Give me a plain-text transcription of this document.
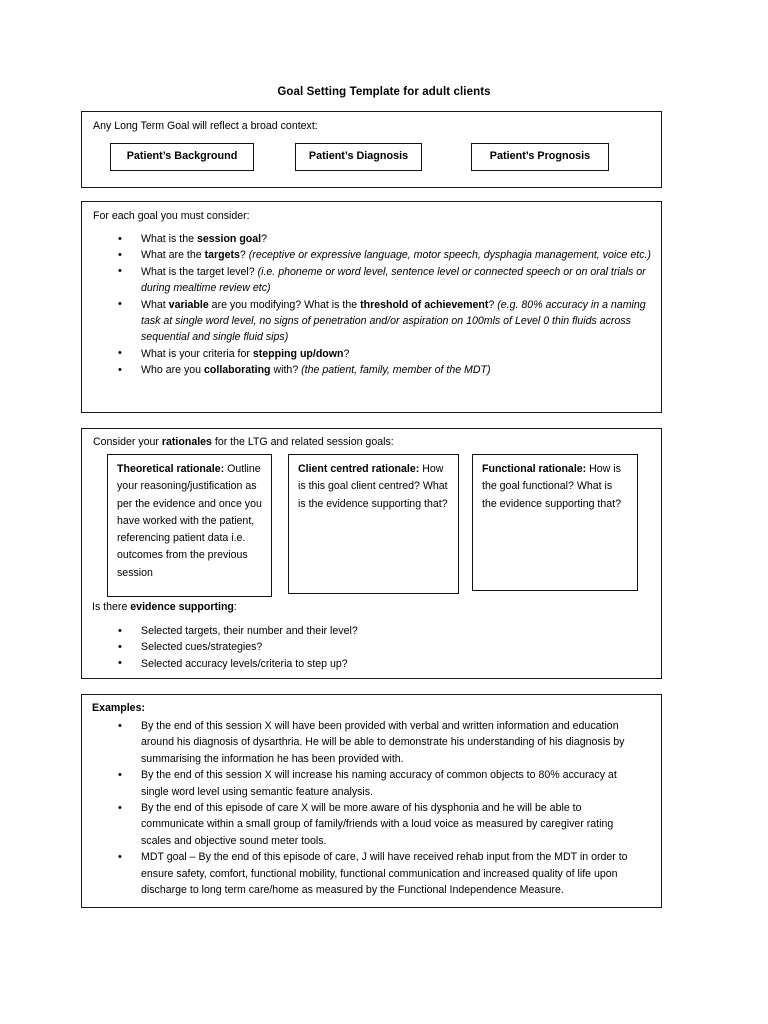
Goal Setting Template for adult clients
Any Long Term Goal will reflect a broad context:
Patient’s Background	Patient’s Diagnosis	Patient’s Prognosis

For each goal you must consider:

• What is the session goal?
• What are the targets? (receptive or expressive language, motor speech, dysphagia management, voice etc.)
• What is the target level? (i.e. phoneme or word level, sentence level or connected speech or on oral trials or during mealtime review etc)
• What variable are you modifying? What is the threshold of achievement? (e.g. 80% accuracy in a naming task at single word level, no signs of penetration and/or aspiration on 100mls of Level 0 thin fluids across sequential and single fluid sips)
• What is your criteria for stepping up/down?
• Who are you collaborating with? (the patient, family, member of the MDT)
Consider your rationales for the LTG and related session goals:
Theoretical rationale: Outline your reasoning/justification as per the evidence and once you have worked with the patient, referencing patient data i.e. outcomes from the previous session
Client centred rationale: How is this goal client centred? What is the evidence supporting that?
Functional rationale: How is the goal functional? What is the evidence supporting that?
Is there evidence supporting:
• Selected targets, their number and their level?
• Selected cues/strategies?
• Selected accuracy levels/criteria to step up?
Examples:
• By the end of this session X will have been provided with verbal and written information and education around his diagnosis of dysarthria. He will be able to demonstrate his understanding of his diagnosis by summarising the information he has been provided with.
• By the end of this session X will increase his naming accuracy of common objects to 80% accuracy at single word level using semantic feature analysis.
• By the end of this episode of care X will be more aware of his dysphonia and he will be able to communicate within a small group of family/friends with a loud voice as measured by caregiver rating scales and objective sound meter tools.
• MDT goal – By the end of this episode of care, J will have received rehab input from the MDT in order to ensure safety, comfort, functional mobility, functional communication and increased quality of life upon discharge to long term care/home as measured by the Functional Independence Measure.
